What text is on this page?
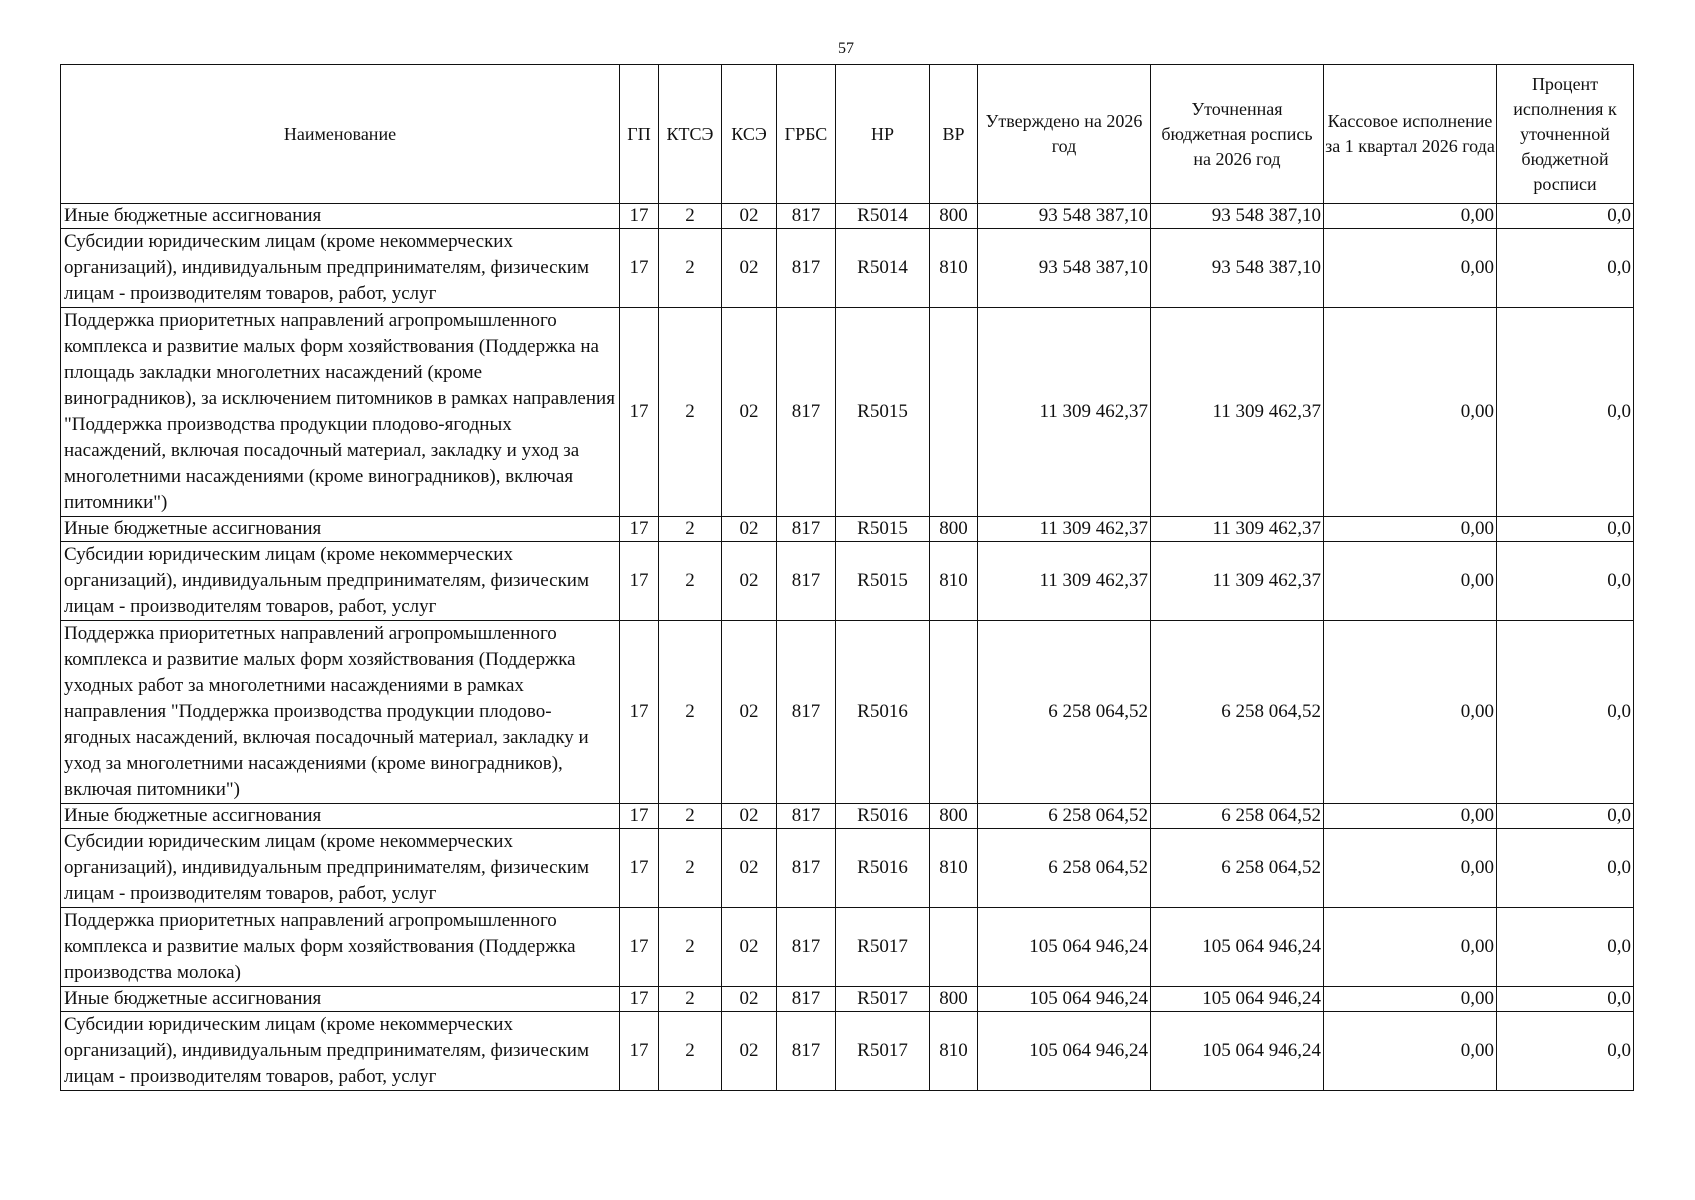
57
Наименование	ГП	КТСЭ	КСЭ	ГРБС	НР	ВР	Утверждено на 2026 год	Уточненная бюджетная роспись на 2026 год	Кассовое исполнение за 1 квартал 2026 года	Процент исполнения к уточненной бюджетной росписи
Иные бюджетные ассигнования	17	2	02	817	R5014	800	93 548 387,10	93 548 387,10	0,00	0,0
Субсидии юридическим лицам (кроме некоммерческих организаций), индивидуальным предпринимателям, физическим лицам - производителям товаров, работ, услуг	17	2	02	817	R5014	810	93 548 387,10	93 548 387,10	0,00	0,0
Поддержка приоритетных направлений агропромышленного комплекса и развитие малых форм хозяйствования (Поддержка на площадь закладки многолетних насаждений (кроме виноградников), за исключением питомников в рамках направления "Поддержка производства продукции плодово-ягодных насаждений, включая посадочный материал, закладку и уход за многолетними насаждениями (кроме виноградников), включая питомники")	17	2	02	817	R5015		11 309 462,37	11 309 462,37	0,00	0,0
Иные бюджетные ассигнования	17	2	02	817	R5015	800	11 309 462,37	11 309 462,37	0,00	0,0
Субсидии юридическим лицам (кроме некоммерческих организаций), индивидуальным предпринимателям, физическим лицам - производителям товаров, работ, услуг	17	2	02	817	R5015	810	11 309 462,37	11 309 462,37	0,00	0,0
Поддержка приоритетных направлений агропромышленного комплекса и развитие малых форм хозяйствования (Поддержка уходных работ за многолетними насаждениями в рамках направления "Поддержка производства продукции плодово-ягодных насаждений, включая посадочный материал, закладку и уход за многолетними насаждениями (кроме виноградников), включая питомники")	17	2	02	817	R5016		6 258 064,52	6 258 064,52	0,00	0,0
Иные бюджетные ассигнования	17	2	02	817	R5016	800	6 258 064,52	6 258 064,52	0,00	0,0
Субсидии юридическим лицам (кроме некоммерческих организаций), индивидуальным предпринимателям, физическим лицам - производителям товаров, работ, услуг	17	2	02	817	R5016	810	6 258 064,52	6 258 064,52	0,00	0,0
Поддержка приоритетных направлений агропромышленного комплекса и развитие малых форм хозяйствования (Поддержка производства молока)	17	2	02	817	R5017		105 064 946,24	105 064 946,24	0,00	0,0
Иные бюджетные ассигнования	17	2	02	817	R5017	800	105 064 946,24	105 064 946,24	0,00	0,0
Субсидии юридическим лицам (кроме некоммерческих организаций), индивидуальным предпринимателям, физическим лицам - производителям товаров, работ, услуг	17	2	02	817	R5017	810	105 064 946,24	105 064 946,24	0,00	0,0
